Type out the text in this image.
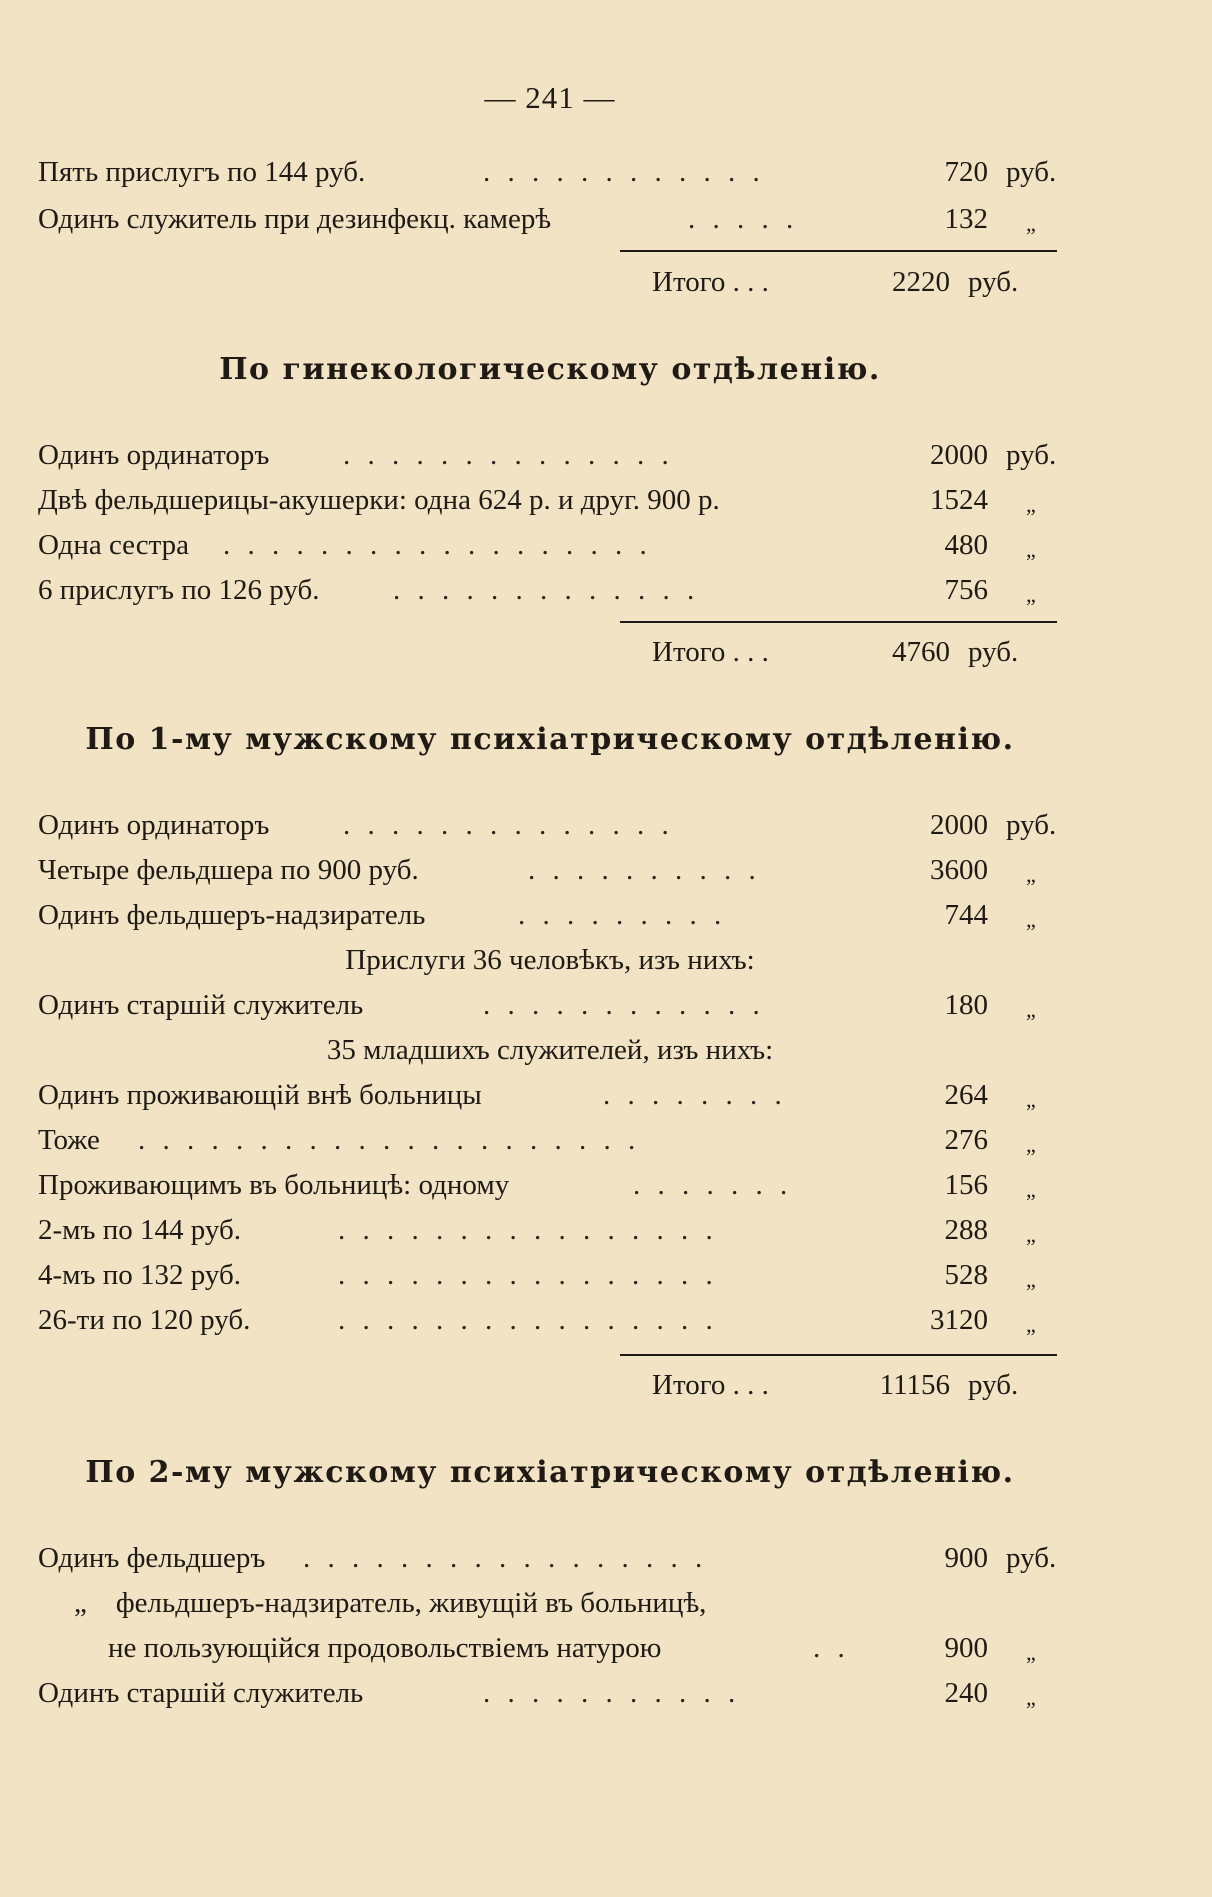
— 241 —
Пять прислугъ по 144 руб.	. . . . . . . . . . . .	720 руб.
Одинъ служитель при дезинфекц. камерѣ	. . . . .	132 „
Итого . . .	2220 руб.
По гинекологическому отдѣленію.
Одинъ ординаторъ	. . . . . . . . . . . . . .	2000 руб.
Двѣ фельдшерицы-акушерки: одна 624 р. и друг. 900 р.	1524 „
Одна сестра . . . . . . . . . . . . . . . . . .	480 „
6 прислугъ по 126 руб.	. . . . . . . . . . . . .	756 „
Итого . . .	4760 руб.
По 1-му мужскому психіатрическому отдѣленію.
Одинъ ординаторъ	. . . . . . . . . . . . . .	2000 руб.
Четыре фельдшера по 900 руб.	. . . . . . . . . .	3600 „
Одинъ фельдшеръ-надзиратель	. . . . . . . . .	744 „
Прислуги 36 человѣкъ, изъ нихъ:
Одинъ старшій служитель	. . . . . . . . . . . .	180 „
35 младшихъ служителей, изъ нихъ:
Одинъ проживающій внѣ больницы	. . . . . . . .	264 „
Тоже . . . . . . . . . . . . . . . . . . . . .	276 „
Проживающимъ въ больницѣ: одному	. . . . . . .	156 „
2-мъ по 144 руб.	. . . . . . . . . . . . . . . .	288 „
4-мъ по 132 руб.	. . . . . . . . . . . . . . . .	528 „
26-ти по 120 руб.	. . . . . . . . . . . . . . . .	3120 „
Итого . . .	11156 руб.
По 2-му мужскому психіатрическому отдѣленію.
Одинъ фельдшеръ . . . . . . . . . . . . . . . . .	900 руб.
„    фельдшеръ-надзиратель, живущій въ больницѣ,
не пользующійся продовольствіемъ натурою	. .	900 „
Одинъ старшій служитель	. . . . . . . . . . .	240 „
